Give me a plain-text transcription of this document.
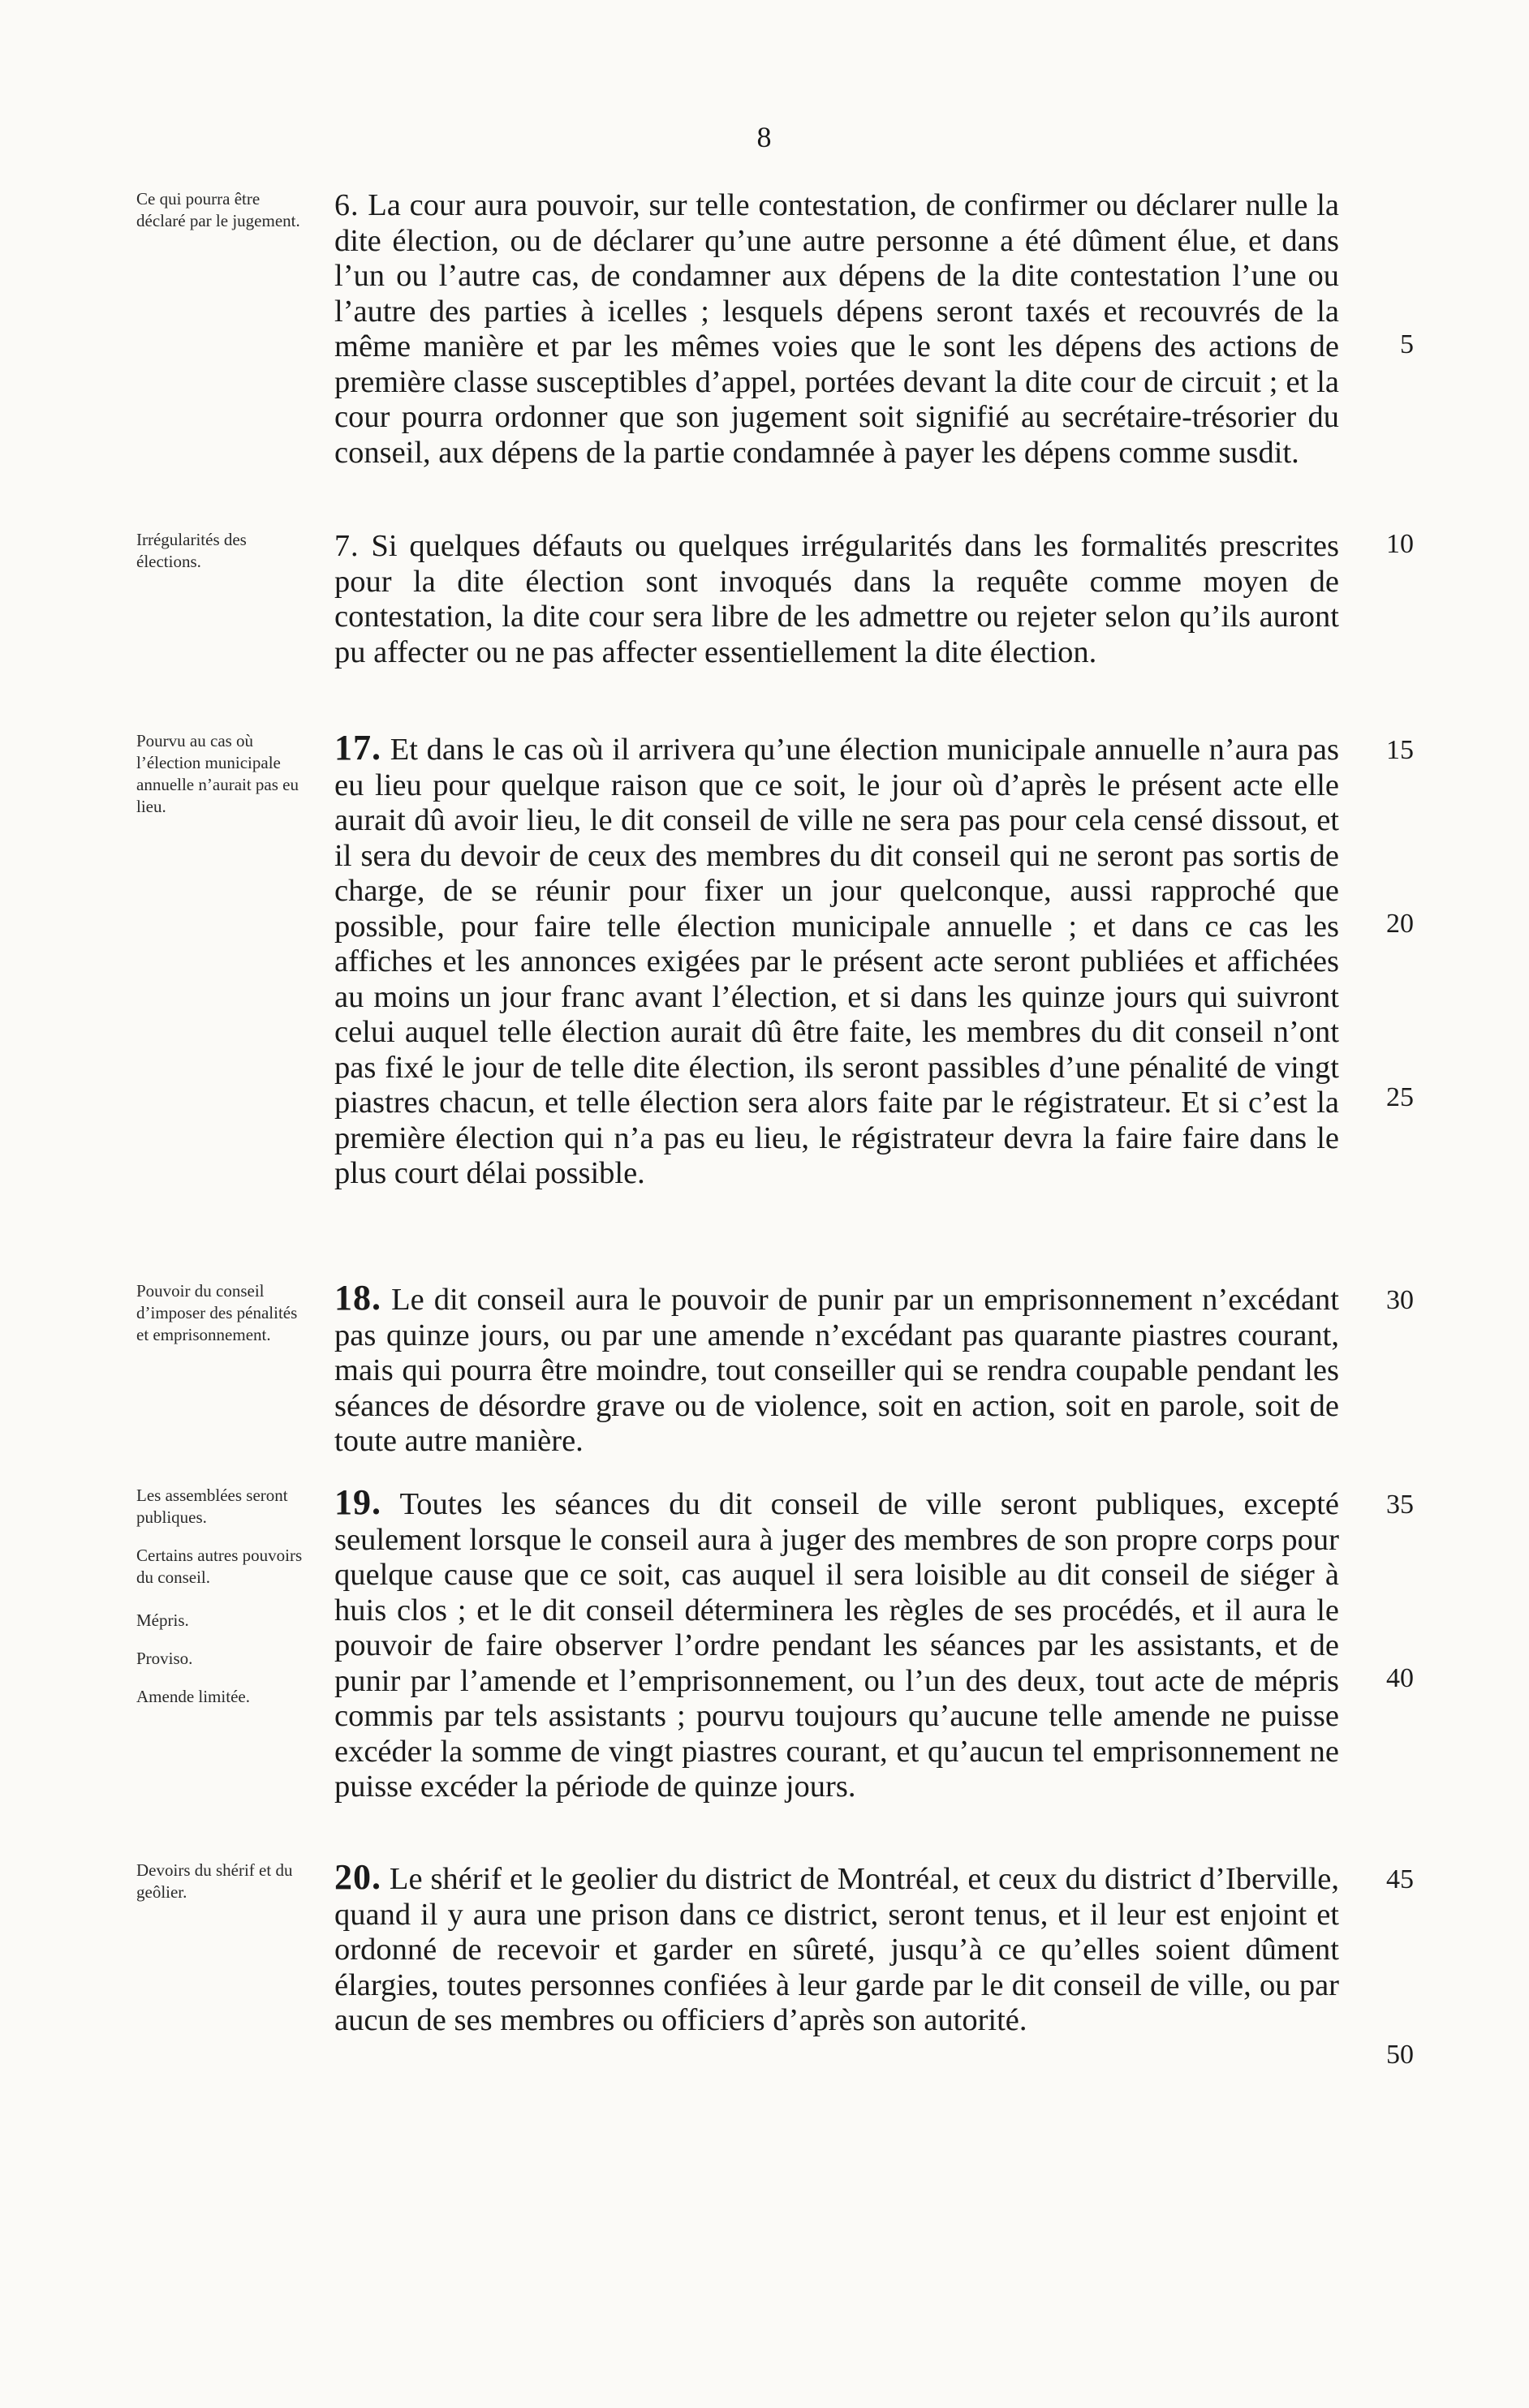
8

Ce qui pourra être déclaré par le jugement.	6. La cour aura pouvoir, sur telle contestation, de confirmer ou déclarer nulle la dite élection, ou de déclarer qu’une autre personne a été dûment élue, et dans l’un ou l’autre cas, de condamner aux dépens de la dite contestation l’une ou l’autre des parties à icelles ; lesquels dépens seront taxés et recouvrés de la même manière et par les mêmes voies que le sont les dépens des actions de première classe susceptibles d’appel, portées devant la dite cour de circuit ; et la cour pourra ordonner que son jugement soit signifié au secrétaire-trésorier du conseil, aux dépens de la partie condamnée à payer les dépens comme susdit.

Irrégularités des élections.	7. Si quelques défauts ou quelques irrégularités dans les formalités prescrites pour la dite élection sont invoqués dans la requête comme moyen de contestation, la dite cour sera libre de les admettre ou rejeter selon qu’ils auront pu affecter ou ne pas affecter essentiellement la dite élection.

Pourvu au cas où l’élection municipale annuelle n’aurait pas eu lieu.

17. Et dans le cas où il arrivera qu’une élection municipale annuelle n’aura pas eu lieu pour quelque raison que ce soit, le jour où d’après le présent acte elle aurait dû avoir lieu, le dit conseil de ville ne sera pas pour cela censé dissout, et il sera du devoir de ceux des membres du dit conseil qui ne seront pas sortis de charge, de se réunir pour fixer un jour quelconque, aussi rapproché que possible, pour faire telle élection municipale annuelle ; et dans ce cas les affiches et les annonces exigées par le présent acte seront publiées et affichées au moins un jour franc avant l’élection, et si dans les quinze jours qui suivront celui auquel telle élection aurait dû être faite, les membres du dit conseil n’ont pas fixé le jour de telle dite élection, ils seront passibles d’une pénalité de vingt piastres chacun, et telle élection sera alors faite par le régistrateur. Et si c’est la première élection qui n’a pas eu lieu, le régistrateur devra la faire faire dans le plus court délai possible.

Pouvoir du conseil d’imposer des pénalités et emprisonnement.

18. Le dit conseil aura le pouvoir de punir par un emprisonnement n’excédant pas quinze jours, ou par une amende n’excédant pas quarante piastres courant, mais qui pourra être moindre, tout conseiller qui se rendra coupable pendant les séances de désordre grave ou de violence, soit en action, soit en parole, soit de toute autre manière.

Les assemblées seront publiques.

Certains autres pouvoirs du conseil.

Mépris.

Proviso.

Amende limitée.

19. Toutes les séances du dit conseil de ville seront publiques, excepté seulement lorsque le conseil aura à juger des membres de son propre corps pour quelque cause que ce soit, cas auquel il sera loisible au dit conseil de siéger à huis clos ; et le dit conseil déterminera les règles de ses procédés, et il aura le pouvoir de faire observer l’ordre pendant les séances par les assistants, et de punir par l’amende et l’emprisonnement, ou l’un des deux, tout acte de mépris commis par tels assistants ; pourvu toujours qu’aucune telle amende ne puisse excéder la somme de vingt piastres courant, et qu’aucun tel emprisonnement ne puisse excéder la période de quinze jours.

Devoirs du shérif et du geôlier.	20. Le shérif et le geolier du district de Montréal, et ceux du district d’Iberville, quand il y aura une prison dans ce district, seront tenus, et il leur est enjoint et ordonné de recevoir et garder en sûreté, jusqu’à ce qu’elles soient dûment élargies, toutes personnes confiées à leur garde par le dit conseil de ville, ou par aucun de ses membres ou officiers d’après son autorité.
5
10
15
20
25
30
35
40
45
50
